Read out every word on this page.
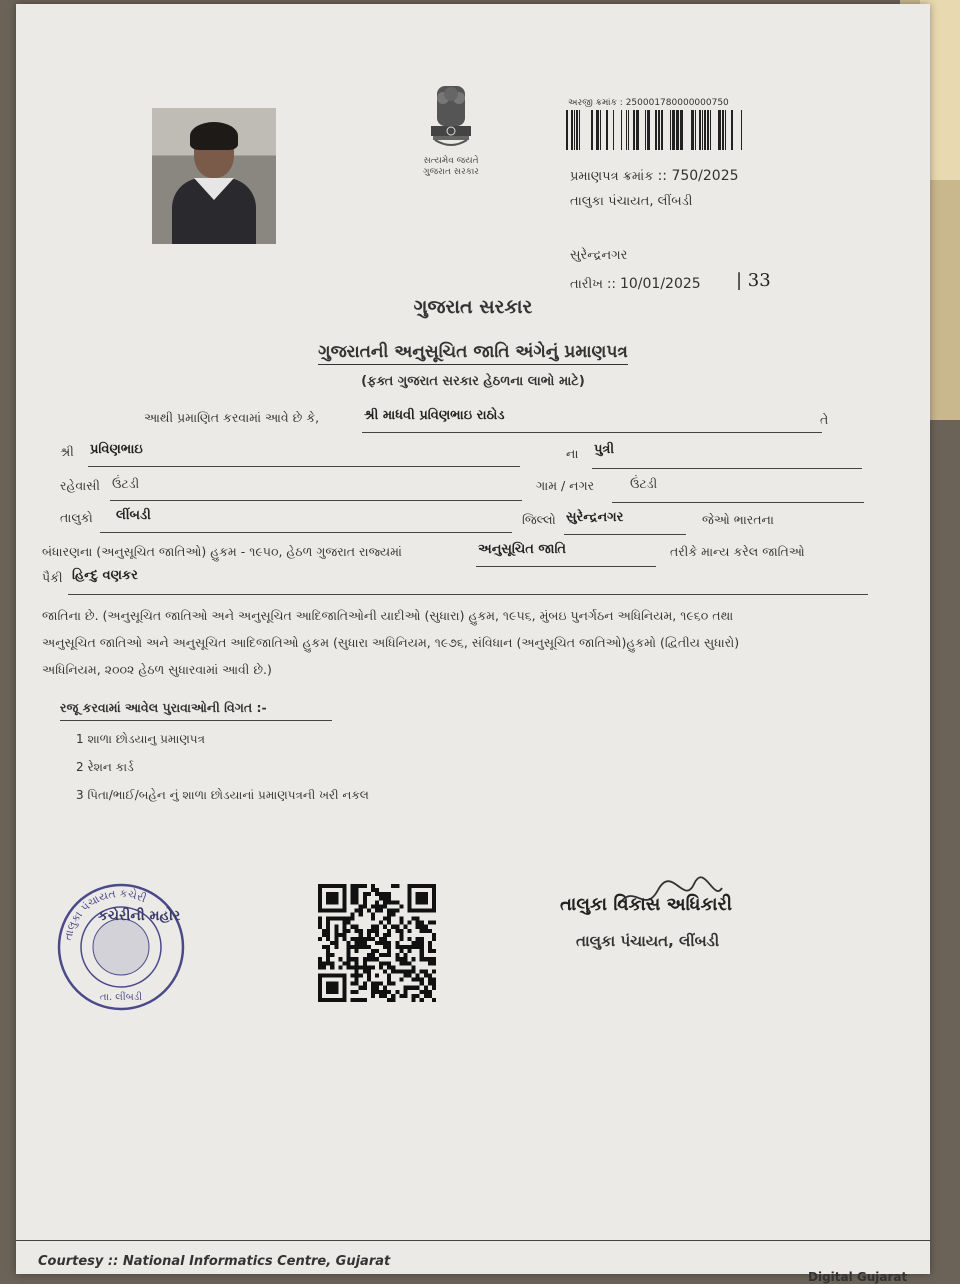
સત્યમેવ જયતે
ગુજરાત સરકાર
અરજી ક્રમાંક : 250001780000000750
પ્રમાણપત્ર ક્રમાંક :: 750/2025
તાલુકા પંચાયત, લીંબડી
સુરેન્દ્રનગર
તારીખ :: 10/01/2025 | 33
ગુજરાત સરકાર
ગુજરાતની અનુસૂચિત જાતિ અંગેનું પ્રમાણપત્ર
(ફક્ત ગુજરાત સરકાર હેઠળના લાભો માટે)
આથી પ્રમાણિત કરવામાં આવે છે કે,	શ્રી માધવી પ્રવિણભાઇ રાઠોડ	તે
શ્રી પ્રવિણભાઇ	ના પુત્રી
રહેવાસી ઉંટડી	ગામ / નગર	ઉંટડી
તાલુકો લીંબડી	જિલ્લો સુરેન્દ્રનગર	જેઓ ભારતના
બંધારણના (અનુસૂચિત જાતિઓ) હુકમ - ૧૯૫૦, હેઠળ ગુજરાત રાજ્યમાં	અનુસૂચિત જાતિ	તરીકે માન્ય કરેલ જાતિઓ
પૈકી હિન્દુ વણકર
જાતિના છે. (અનુસૂચિત જાતિઓ અને અનુસૂચિત આદિજાતિઓની યાદીઓ (સુધારા) હુકમ, ૧૯૫૬, મુંબઇ પુનર્ગઠન અધિનિયમ, ૧૯૬૦ તથા
અનુસૂચિત જાતિઓ અને અનુસૂચિત આદિજાતિઓ હુકમ (સુધારા અધિનિયમ, ૧૯૭૬, સંવિધાન (અનુસૂચિત જાતિઓ)હુકમો (દ્વિતીય સુધારો)
અધિનિયમ, ૨૦૦૨ હેઠળ સુધારવામાં આવી છે.)
રજૂ કરવામાં આવેલ પુરાવાઓની વિગત :-
1 શાળા છોડયાનુ પ્રમાણપત્ર
2 રેશન કાર્ડ
3 પિતા/ભાઈ/બહેન નું શાળા છોડયાનાં પ્રમાણપત્રની ખરી નકલ
તાલુકા પંચાયત કચેરી
તા. લીંબડી
કચેરીની મહોર
તાલુકા વિકાસ અધિકારી
તાલુકા પંચાયત, લીંબડી
Courtesy :: National Informatics Centre, Gujarat
Digital Gujarat
